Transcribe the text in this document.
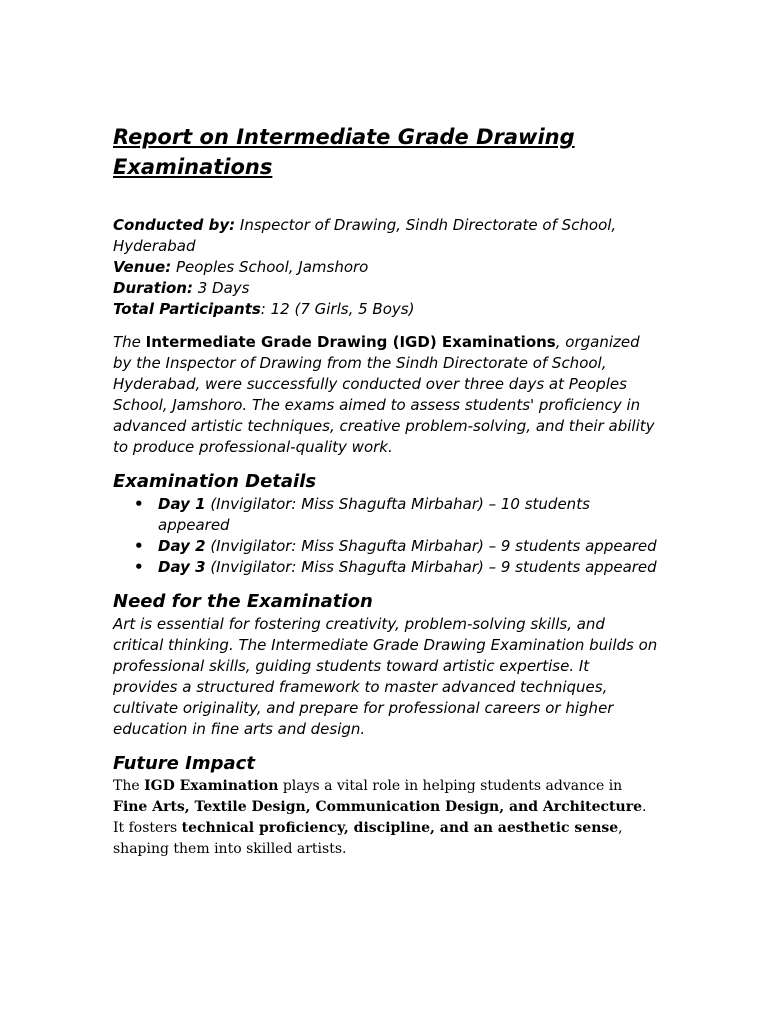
Report on Intermediate Grade Drawing Examinations
Conducted by: Inspector of Drawing, Sindh Directorate of School, Hyderabad
Venue: Peoples School, Jamshoro
Duration: 3 Days
Total Participants: 12 (7 Girls, 5 Boys)

The Intermediate Grade Drawing (IGD) Examinations, organized by the Inspector of Drawing from the Sindh Directorate of School, Hyderabad, were successfully conducted over three days at Peoples School, Jamshoro. The exams aimed to assess students' proficiency in advanced artistic techniques, creative problem-solving, and their ability to produce professional-quality work.

Examination Details
• Day 1 (Invigilator: Miss Shagufta Mirbahar) – 10 students appeared
• Day 2 (Invigilator: Miss Shagufta Mirbahar) – 9 students appeared
• Day 3 (Invigilator: Miss Shagufta Mirbahar) – 9 students appeared
Need for the Examination

Art is essential for fostering creativity, problem-solving skills, and critical thinking. The Intermediate Grade Drawing Examination builds on professional skills, guiding students toward artistic expertise. It provides a structured framework to master advanced techniques, cultivate originality, and prepare for professional careers or higher education in fine arts and design.

Future Impact

The IGD Examination plays a vital role in helping students advance in Fine Arts, Textile Design, Communication Design, and Architecture. It fosters technical proficiency, discipline, and an aesthetic sense, shaping them into skilled artists.
